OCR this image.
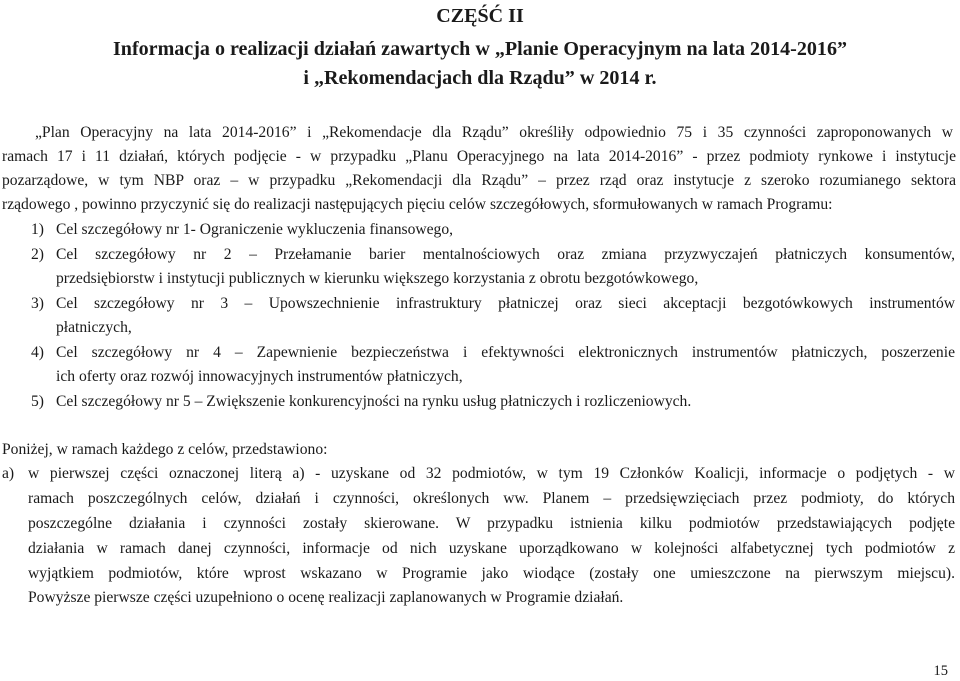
CZĘŚĆ II
Informacja o realizacji działań zawartych w „Planie Operacyjnym na lata 2014-2016”
i „Rekomendacjach dla Rządu” w 2014 r.
„Plan Operacyjny na lata 2014-2016” i „Rekomendacje dla Rządu” określiły odpowiednio 75 i 35 czynności zaproponowanych w
ramach 17 i 11 działań, których podjęcie - w przypadku „Planu Operacyjnego na lata 2014-2016” - przez podmioty rynkowe i instytucje
pozarządowe, w tym NBP oraz – w przypadku „Rekomendacji dla Rządu” – przez rząd oraz instytucje z szeroko rozumianego sektora
rządowego , powinno przyczynić się do realizacji następujących pięciu celów szczegółowych, sformułowanych w ramach Programu:
1) Cel szczegółowy nr 1- Ograniczenie wykluczenia finansowego,
2) Cel szczegółowy nr 2 – Przełamanie barier mentalnościowych oraz zmiana przyzwyczajeń płatniczych konsumentów,
przedsiębiorstw i instytucji publicznych w kierunku większego korzystania z obrotu bezgotówkowego,
3) Cel szczegółowy nr 3 – Upowszechnienie infrastruktury płatniczej oraz sieci akceptacji bezgotówkowych instrumentów
płatniczych,
4) Cel szczegółowy nr 4 – Zapewnienie bezpieczeństwa i efektywności elektronicznych instrumentów płatniczych, poszerzenie
ich oferty oraz rozwój innowacyjnych instrumentów płatniczych,
5) Cel szczegółowy nr 5 – Zwiększenie konkurencyjności na rynku usług płatniczych i rozliczeniowych.
Poniżej, w ramach każdego z celów, przedstawiono:
a) w pierwszej części oznaczonej literą a) - uzyskane od 32 podmiotów, w tym 19 Członków Koalicji, informacje o podjętych - w
ramach poszczególnych celów, działań i czynności, określonych ww. Planem – przedsięwzięciach przez podmioty, do których
poszczególne działania i czynności zostały skierowane. W przypadku istnienia kilku podmiotów przedstawiających podjęte
działania w ramach danej czynności, informacje od nich uzyskane uporządkowano w kolejności alfabetycznej tych podmiotów z
wyjątkiem podmiotów, które wprost wskazano w Programie jako wiodące (zostały one umieszczone na pierwszym miejscu).
Powyższe pierwsze części uzupełniono o ocenę realizacji zaplanowanych w Programie działań.
15
